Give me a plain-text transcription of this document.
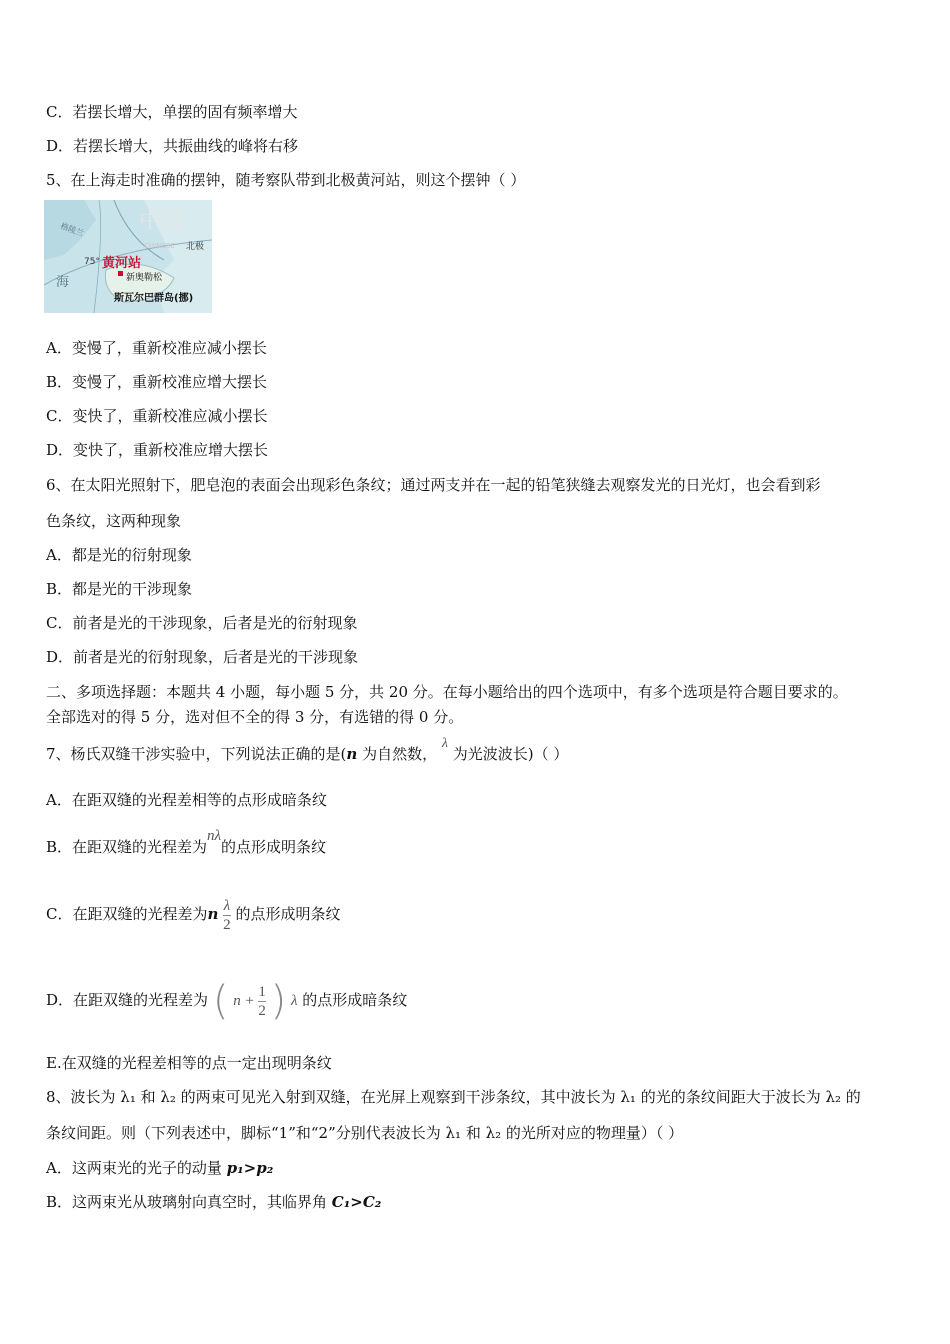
C．若摆长增大，单摆的固有频率增大
D．若摆长增大，共振曲线的峰将右移
5、在上海走时准确的摆钟，随考察队带到北极黄河站，则这个摆钟（ ）
中国
CHINESE 北极
格陵兰
海
75° 黄河站
新奥勒松
斯瓦尔巴群岛(挪)
A．变慢了，重新校准应减小摆长
B．变慢了，重新校准应增大摆长
C．变快了，重新校准应减小摆长
D．变快了，重新校准应增大摆长
6、在太阳光照射下，肥皂泡的表面会出现彩色条纹；通过两支并在一起的铅笔狭缝去观察发光的日光灯，也会看到彩
色条纹，这两种现象
A．都是光的衍射现象
B．都是光的干涉现象
C．前者是光的干涉现象，后者是光的衍射现象
D．前者是光的衍射现象，后者是光的干涉现象
二、多项选择题：本题共 4 小题，每小题 5 分，共 20 分。在每小题给出的四个选项中，有多个选项是符合题目要求的。
全部选对的得 5 分，选对但不全的得 3 分，有选错的得 0 分。
7、杨氏双缝干涉实验中，下列说法正确的是(n 为自然数， λ 为光波波长)（ ）
A．在距双缝的光程差相等的点形成暗条纹
B．在距双缝的光程差为nλ的点形成明条纹
C．在距双缝的光程差为n $\frac{\lambda}{2}$ 的点形成明条纹
D．在距双缝的光程差为 ( $n + \frac{1}{2}$ ) λ 的点形成暗条纹
E.在双缝的光程差相等的点一定出现明条纹
8、波长为 λ₁ 和 λ₂ 的两束可见光入射到双缝，在光屏上观察到干涉条纹，其中波长为 λ₁ 的光的条纹间距大于波长为 λ₂ 的
条纹间距。则（下列表述中，脚标“1”和“2”分别代表波长为 λ₁ 和 λ₂ 的光所对应的物理量）（ ）
A．这两束光的光子的动量 p₁>p₂
B．这两束光从玻璃射向真空时，其临界角 C₁>C₂
